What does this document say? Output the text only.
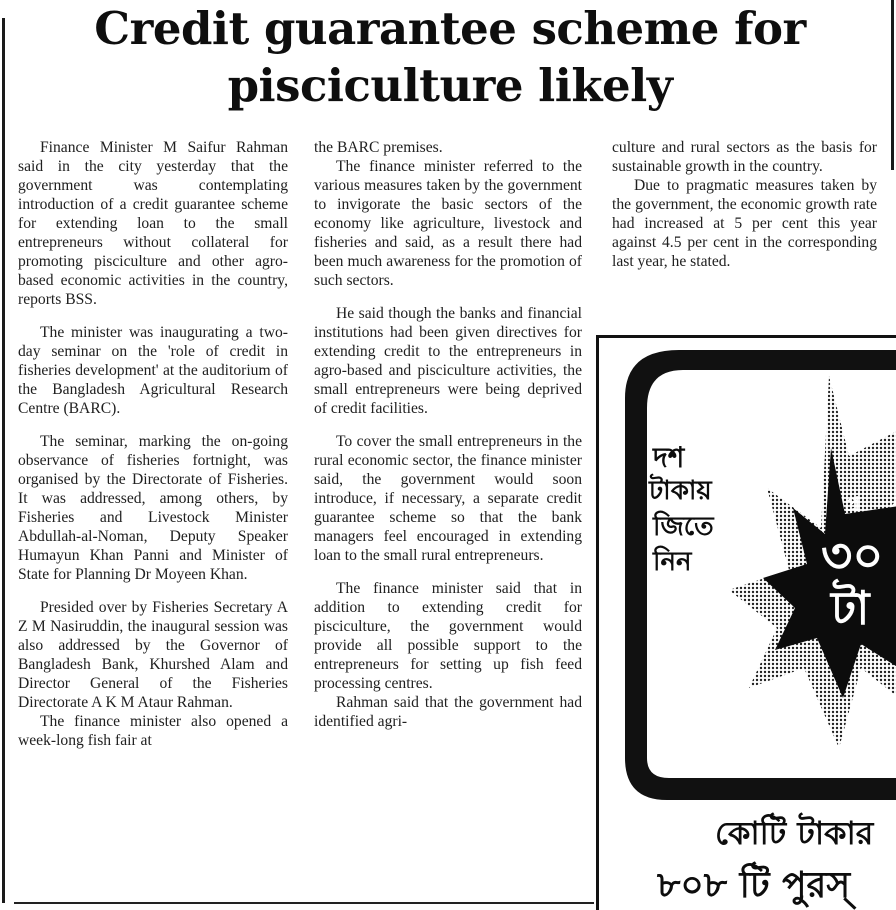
Credit guarantee scheme for
pisciculture likely

Finance Minister M Saifur Rahman said in the city yesterday that the government was contemplating introduction of a credit guarantee scheme for extending loan to the small entrepreneurs without collateral for promoting pisciculture and other agro-based economic activities in the country, reports BSS.

The minister was inaugurating a two-day seminar on the 'role of credit in fisheries development' at the auditorium of the Bangladesh Agricultural Research Centre (BARC).

The seminar, marking the on-going observance of fisheries fortnight, was organised by the Directorate of Fisheries. It was addressed, among others, by Fisheries and Livestock Minister Abdullah-al-Noman, Deputy Speaker Humayun Khan Panni and Minister of State for Planning Dr Moyeen Khan.

Presided over by Fisheries Secretary A Z M Nasiruddin, the inaugural session was also addressed by the Governor of Bangladesh Bank, Khurshed Alam and Director General of the Fisheries Directorate A K M Ataur Rahman.

The finance minister also opened a week-long fish fair at

the BARC premises.

The finance minister referred to the various measures taken by the government to invigorate the basic sectors of the economy like agriculture, livestock and fisheries and said, as a result there had been much awareness for the promotion of such sectors.

He said though the banks and financial institutions had been given directives for extending credit to the entrepreneurs in agro-based and pisciculture activities, the small entrepreneurs were being deprived of credit facilities.

To cover the small entrepreneurs in the rural economic sector, the finance minister said, the government would soon introduce, if necessary, a separate credit guarantee scheme so that the bank managers feel encouraged in extending loan to the small rural entrepreneurs.

The finance minister said that in addition to extending credit for pisciculture, the government would provide all possible support to the entrepreneurs for setting up fish feed processing centres.

Rahman said that the government had identified agri-

culture and rural sectors as the basis for sustainable growth in the country.

Due to pragmatic measures taken by the government, the economic growth rate had increased at 5 per cent this year against 4.5 per cent in the corresponding last year, he stated.

দশ
টাকায়
জিতে
নিন
প্র
৩০
টা
কোটি টাকার
৮০৮ টি পুরস্
